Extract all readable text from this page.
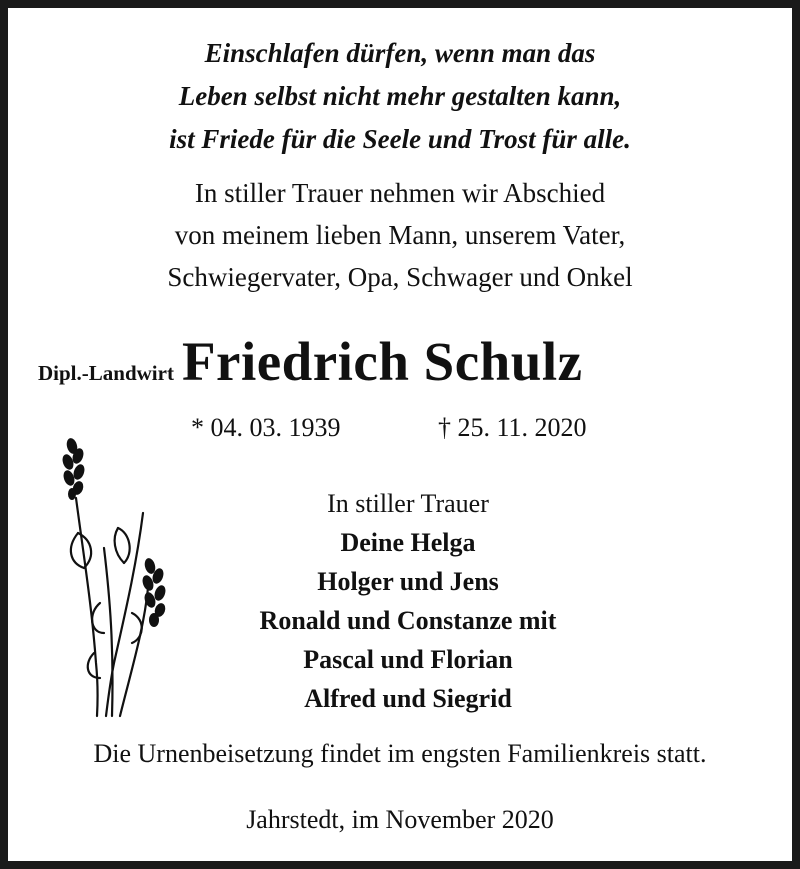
Einschlafen dürfen, wenn man das
Leben selbst nicht mehr gestalten kann,
ist Friede für die Seele und Trost für alle.
In stiller Trauer nehmen wir Abschied
von meinem lieben Mann, unserem Vater,
Schwiegervater, Opa, Schwager und Onkel
Dipl.-Landwirt Friedrich Schulz
* 04. 03. 1939	† 25. 11. 2020
In stiller Trauer
Deine Helga
Holger und Jens
Ronald und Constanze mit
Pascal und Florian
Alfred und Siegrid
Die Urnenbeisetzung findet im engsten Familienkreis statt.
Jahrstedt, im November 2020
